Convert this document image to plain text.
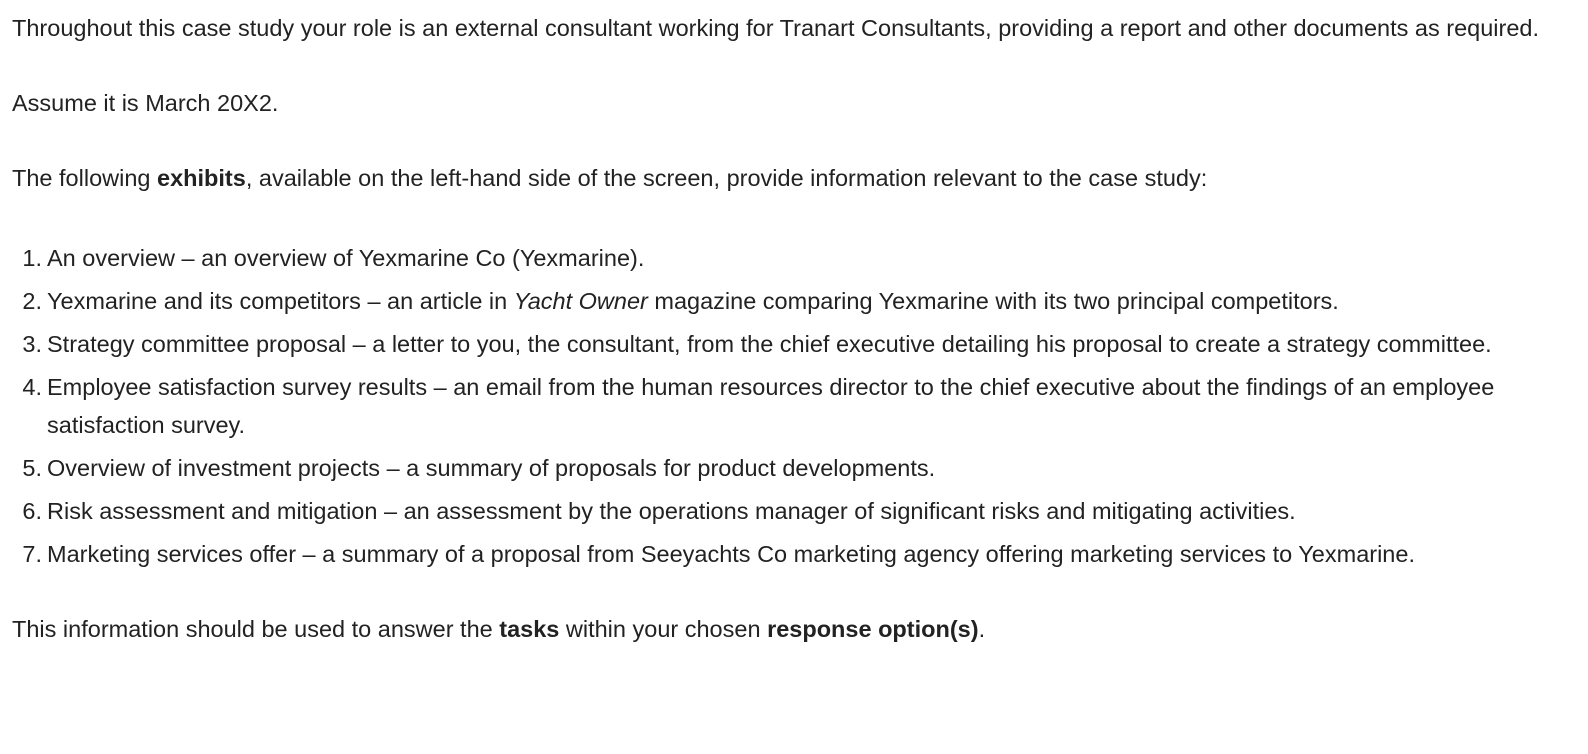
Throughout this case study your role is an external consultant working for Tranart Consultants, providing a report and other documents as required.

Assume it is March 20X2.

The following exhibits, available on the left-hand side of the screen, provide information relevant to the case study:

An overview – an overview of Yexmarine Co (Yexmarine).
Yexmarine and its competitors – an article in Yacht Owner magazine comparing Yexmarine with its two principal competitors.
Strategy committee proposal – a letter to you, the consultant, from the chief executive detailing his proposal to create a strategy committee.
Employee satisfaction survey results – an email from the human resources director to the chief executive about the findings of an employee satisfaction survey.
Overview of investment projects – a summary of proposals for product developments.
Risk assessment and mitigation – an assessment by the operations manager of significant risks and mitigating activities.
Marketing services offer – a summary of a proposal from Seeyachts Co marketing agency offering marketing services to Yexmarine.

This information should be used to answer the tasks within your chosen response option(s).
